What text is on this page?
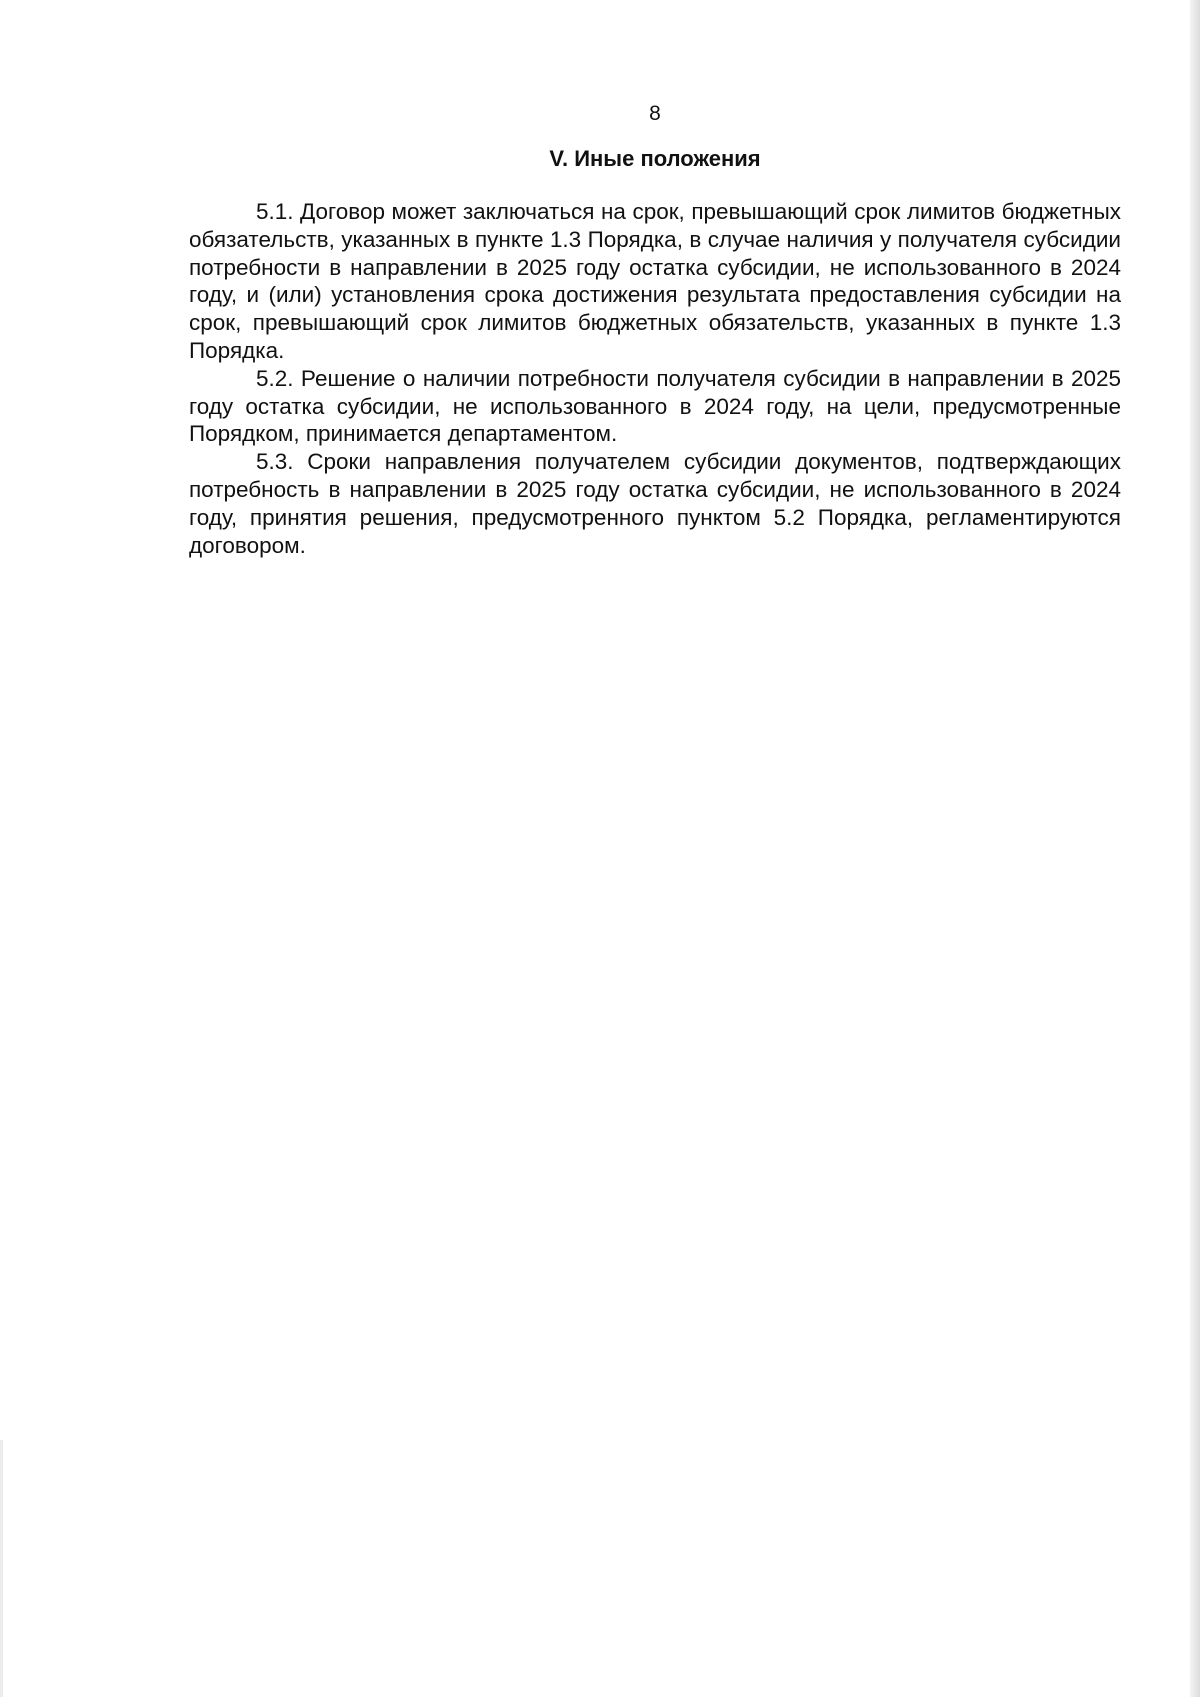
8
V. Иные положения

5.1. Договор может заключаться на срок, превышающий срок лимитов бюджетных обязательств, указанных в пункте 1.3 Порядка, в случае наличия у получателя субсидии потребности в направлении в 2025 году остатка субсидии, не использованного в 2024 году, и (или) установления срока достижения результата предоставления субсидии на срок, превышающий срок лимитов бюджетных обязательств, указанных в пункте 1.3 Порядка.

5.2. Решение о наличии потребности получателя субсидии в направлении в 2025 году остатка субсидии, не использованного в 2024 году, на цели, предусмотренные Порядком, принимается департаментом.

5.3. Сроки направления получателем субсидии документов, подтверждающих потребность в направлении в 2025 году остатка субсидии, не использованного в 2024 году, принятия решения, предусмотренного пунктом 5.2 Порядка, регламентируются договором.
